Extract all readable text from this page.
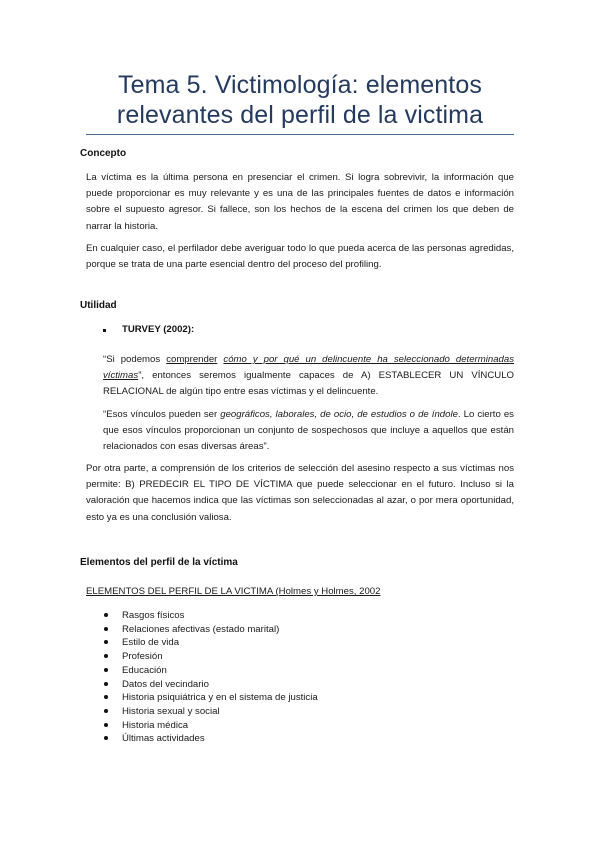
Tema 5. Victimología: elementos
relevantes del perfil de la victima
Concepto

La víctima es la última persona en presenciar el crimen. Si logra sobrevivir, la información que puede proporcionar es muy relevante y es una de las principales fuentes de datos e información sobre el supuesto agresor. Si fallece, son los hechos de la escena del crimen los que deben de narrar la historia.

En cualquier caso, el perfilador debe averiguar todo lo que pueda acerca de las personas agredidas, porque se trata de una parte esencial dentro del proceso del profiling.

Utilidad
TURVEY (2002):

“Si podemos comprender cómo y por qué un delincuente ha seleccionado determinadas víctimas”, entonces seremos igualmente capaces de A) ESTABLECER UN VÍNCULO RELACIONAL de algún tipo entre esas víctimas y el delincuente.

“Esos vínculos pueden ser geográficos, laborales, de ocio, de estudios o de índole. Lo cierto es que esos vínculos proporcionan un conjunto de sospechosos que incluye a aquellos que están relacionados con esas diversas áreas”.

Por otra parte, a comprensión de los criterios de selección del asesino respecto a sus víctimas nos permite: B) PREDECIR EL TIPO DE VÍCTIMA que puede seleccionar en el futuro. Incluso si la valoración que hacemos indica que las víctimas son seleccionadas al azar, o por mera oportunidad, esto ya es una conclusión valiosa.

Elementos del perfil de la víctima
ELEMENTOS DEL PERFIL DE LA VICTIMA (Holmes y Holmes, 2002
Rasgos físicos
Relaciones afectivas (estado marital)
Estilo de vida
Profesión
Educación
Datos del vecindario
Historia psiquiátrica y en el sistema de justicia
Historia sexual y social
Historia médica
Últimas actividades
